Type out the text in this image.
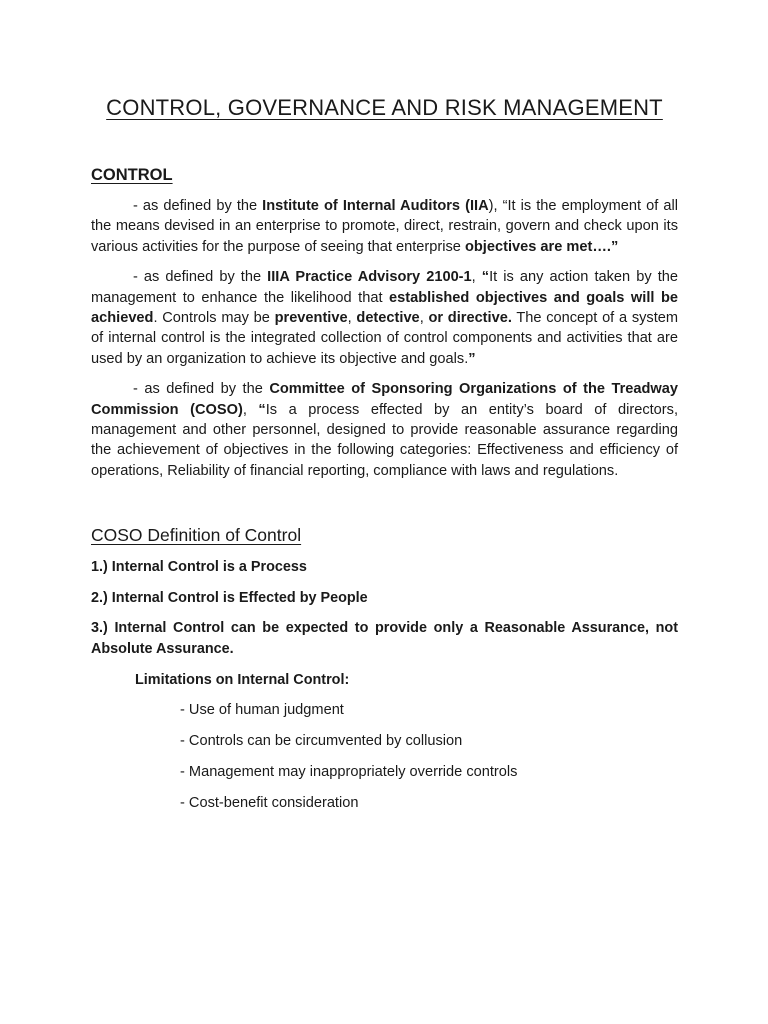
CONTROL, GOVERNANCE AND RISK MANAGEMENT
CONTROL

- as defined by the Institute of Internal Auditors (IIA), “It is the employment of all the means devised in an enterprise to promote, direct, restrain, govern and check upon its various activities for the purpose of seeing that enterprise objectives are met….”

- as defined by the IIIA Practice Advisory 2100-1, “It is any action taken by the management to enhance the likelihood that established objectives and goals will be achieved. Controls may be preventive, detective, or directive. The concept of a system of internal control is the integrated collection of control components and activities that are used by an organization to achieve its objective and goals.”

- as defined by the Committee of Sponsoring Organizations of the Treadway Commission (COSO), “Is a process effected by an entity’s board of directors, management and other personnel, designed to provide reasonable assurance regarding the achievement of objectives in the following categories: Effectiveness and efficiency of operations, Reliability of financial reporting, compliance with laws and regulations.

COSO Definition of Control

1.) Internal Control is a Process

2.) Internal Control is Effected by People

3.) Internal Control can be expected to provide only a Reasonable Assurance, not Absolute Assurance.

Limitations on Internal Control:

- Use of human judgment

- Controls can be circumvented by collusion

- Management may inappropriately override controls

- Cost-benefit consideration
